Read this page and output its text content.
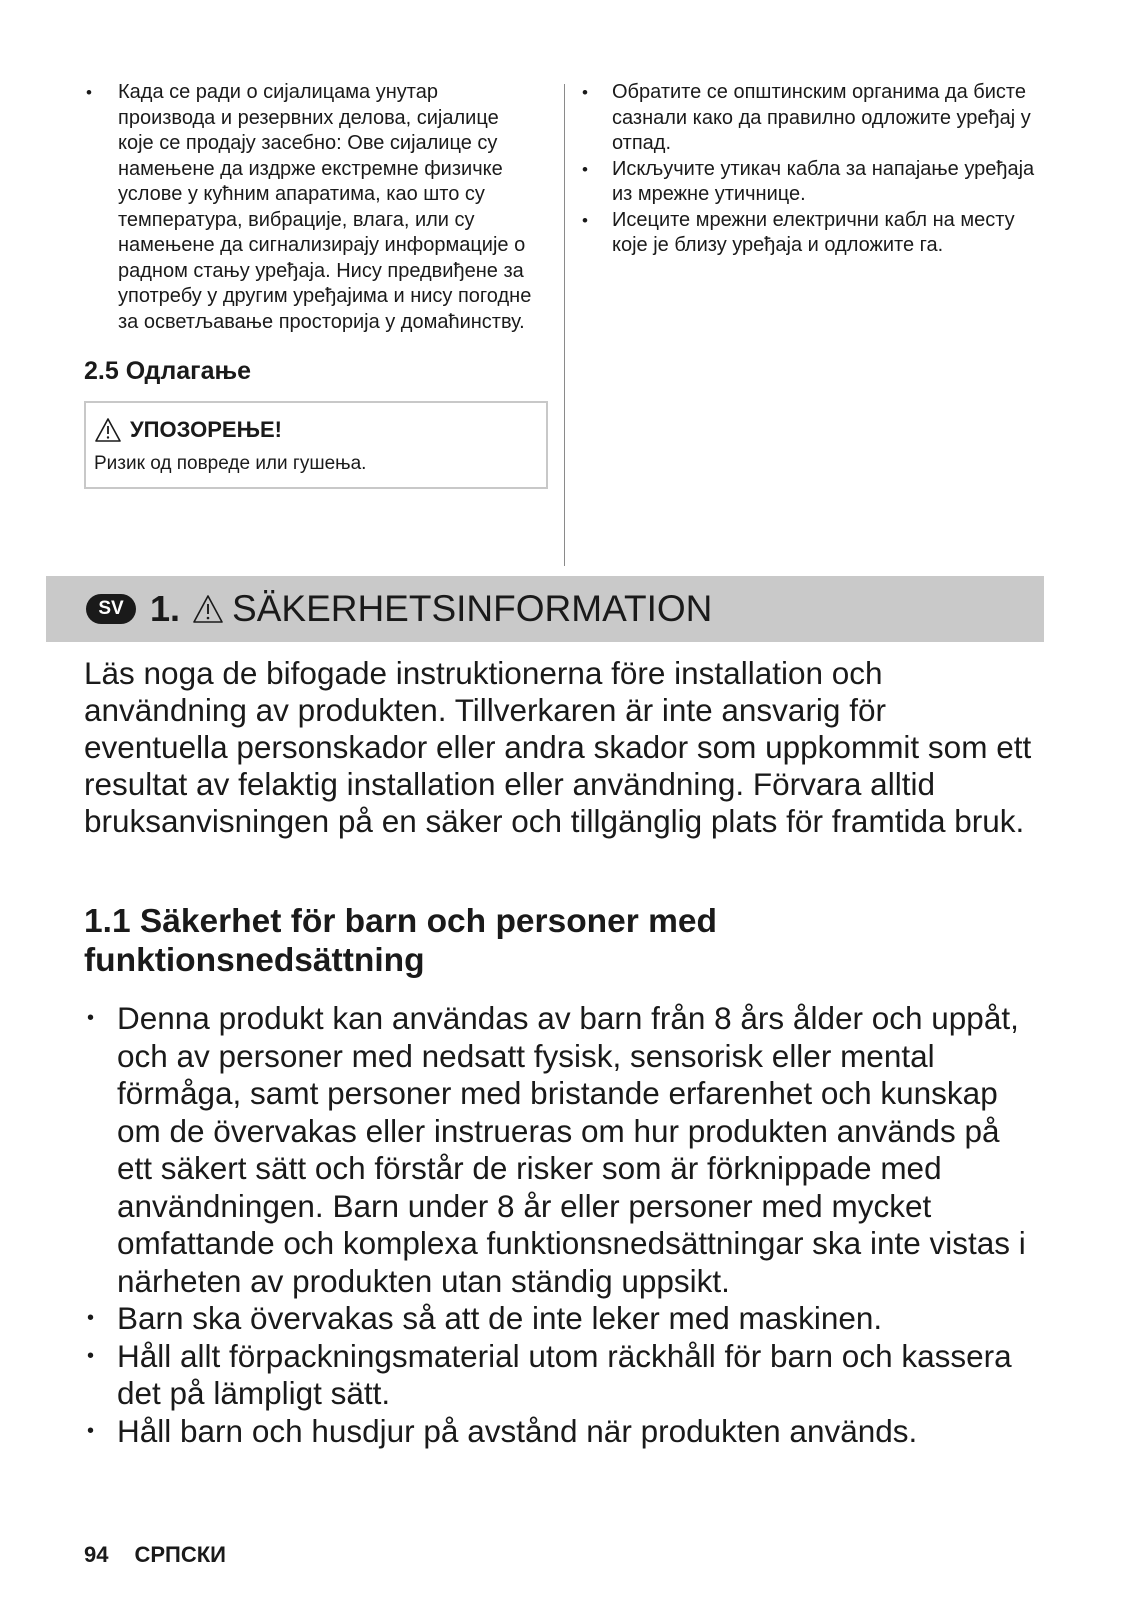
• Када се ради о сијалицама унутар производа и резервних делова, сијалице које се продају засебно: Ове сијалице су намењене да издрже екстремне физичке услове у кућним апаратима, као што су температура, вибрације, влага, или су намењене да сигнализирају информације о радном стању уређаја. Нису предвиђене за употребу у другим уређајима и нису погодне за осветљавање просторија у домаћинству.
2.5 Одлагање
УПОЗОРЕЊЕ!
Ризик од повреде или гушења.
• Обратите се општинским органима да бисте сазнали како да правилно одложите уређај у отпад.
• Искључите утикач кабла за напајање уређаја из мрежне утичнице.
• Исеците мрежни електрични кабл на месту које је близу уређаја и одложите га.
SV 1. SÄKERHETSINFORMATION

Läs noga de bifogade instruktionerna före installation och användning av produkten. Tillverkaren är inte ansvarig för eventuella personskador eller andra skador som uppkommit som ett resultat av felaktig installation eller användning. Förvara alltid bruksanvisningen på en säker och tillgänglig plats för framtida bruk.

1.1 Säkerhet för barn och personer med funktionsnedsättning
• Denna produkt kan användas av barn från 8 års ålder och uppåt, och av personer med nedsatt fysisk, sensorisk eller mental förmåga, samt personer med bristande erfarenhet och kunskap om de övervakas eller instrueras om hur produkten används på ett säkert sätt och förstår de risker som är förknippade med användningen. Barn under 8 år eller personer med mycket omfattande och komplexa funktionsnedsättningar ska inte vistas i närheten av produkten utan ständig uppsikt.
• Barn ska övervakas så att de inte leker med maskinen.
• Håll allt förpackningsmaterial utom räckhåll för barn och kassera det på lämpligt sätt.
• Håll barn och husdjur på avstånd när produkten används.
94 СРПСКИ
